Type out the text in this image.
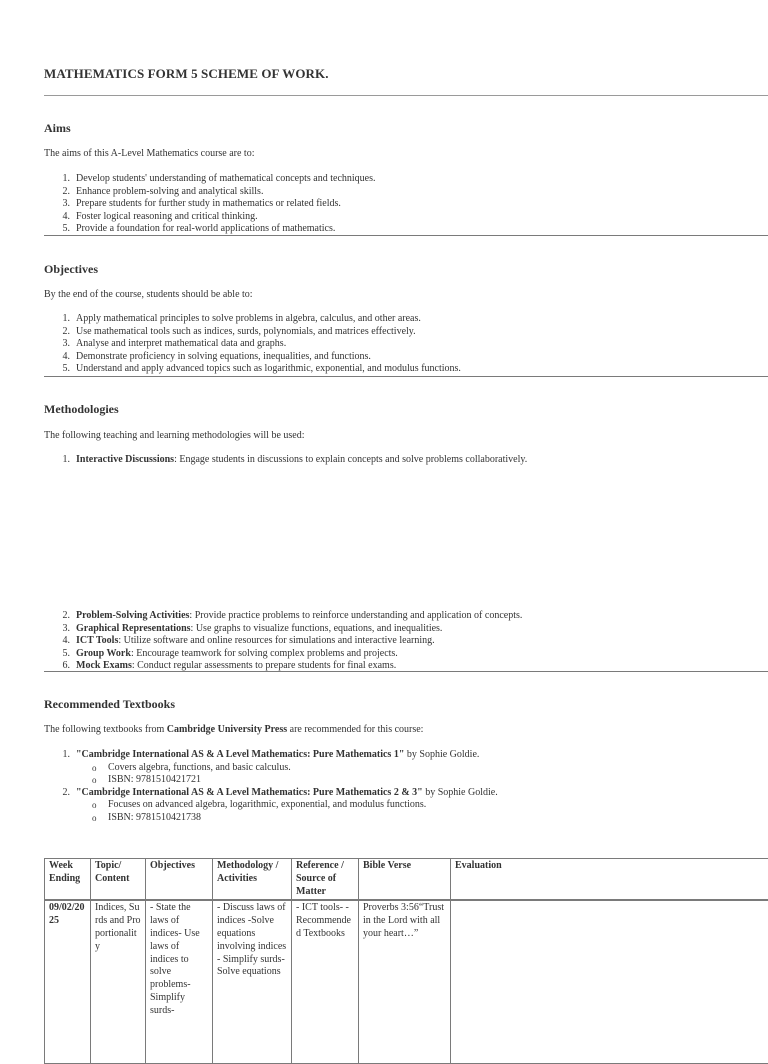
MATHEMATICS FORM 5 SCHEME OF WORK.
Aims

The aims of this A-Level Mathematics course are to:

1. Develop students' understanding of mathematical concepts and techniques.
2. Enhance problem-solving and analytical skills.
3. Prepare students for further study in mathematics or related fields.
4. Foster logical reasoning and critical thinking.
5. Provide a foundation for real-world applications of mathematics.
Objectives

By the end of the course, students should be able to:

1. Apply mathematical principles to solve problems in algebra, calculus, and other areas.
2. Use mathematical tools such as indices, surds, polynomials, and matrices effectively.
3. Analyse and interpret mathematical data and graphs.
4. Demonstrate proficiency in solving equations, inequalities, and functions.
5. Understand and apply advanced topics such as logarithmic, exponential, and modulus functions.
Methodologies

The following teaching and learning methodologies will be used:

1. Interactive Discussions: Engage students in discussions to explain concepts and solve problems collaboratively.
2. Problem-Solving Activities: Provide practice problems to reinforce understanding and application of concepts.
3. Graphical Representations: Use graphs to visualize functions, equations, and inequalities.
4. ICT Tools: Utilize software and online resources for simulations and interactive learning.
5. Group Work: Encourage teamwork for solving complex problems and projects.
6. Mock Exams: Conduct regular assessments to prepare students for final exams.
Recommended Textbooks

The following textbooks from Cambridge University Press are recommended for this course:

1. "Cambridge International AS & A Level Mathematics: Pure Mathematics 1" by Sophie Goldie.
o Covers algebra, functions, and basic calculus.
o ISBN: 9781510421721
2. "Cambridge International AS & A Level Mathematics: Pure Mathematics 2 & 3" by Sophie Goldie.
o Focuses on advanced algebra, logarithmic, exponential, and modulus functions.
o ISBN: 9781510421738
Week Ending	Topic/ Content	Objectives	Methodology / Activities	Reference / Source of Matter	Bible Verse	Evaluation
09/02/2025	Indices, Surds and Proportionality	- State the laws of indices- Use laws of indices to solve problems- Simplify surds-	- Discuss laws of indices -Solve equations involving indices - Simplify surds- Solve equations	- ICT tools- -Recommended Textbooks	Proverbs 3:56“Trust in the Lord with all your heart…”	
